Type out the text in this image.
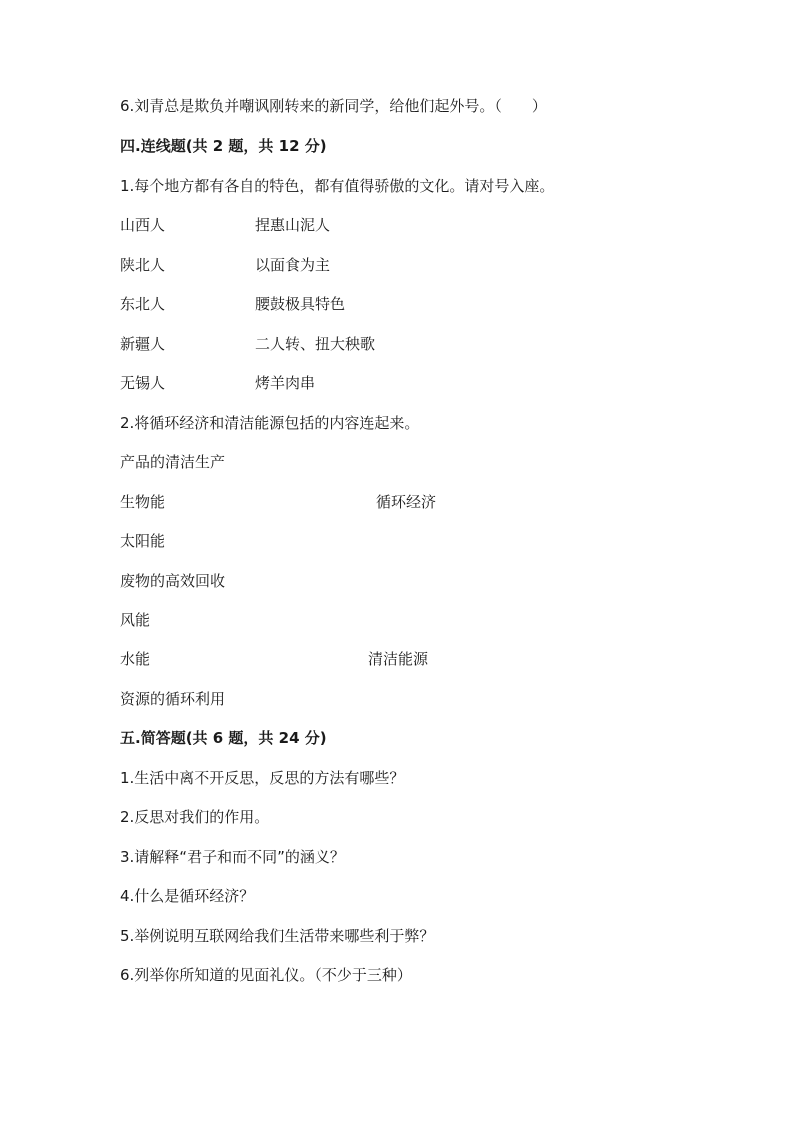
6.刘青总是欺负并嘲讽刚转来的新同学，给他们起外号。（　　）
四.连线题(共 2 题，共 12 分)
1.每个地方都有各自的特色，都有值得骄傲的文化。请对号入座。
山西人	捏惠山泥人
陕北人	以面食为主
东北人	腰鼓极具特色
新疆人	二人转、扭大秧歌
无锡人	烤羊肉串
2.将循环经济和清洁能源包括的内容连起来。
产品的清洁生产
生物能	循环经济
太阳能
废物的高效回收
风能
水能	清洁能源
资源的循环利用
五.简答题(共 6 题，共 24 分)
1.生活中离不开反思，反思的方法有哪些？
2.反思对我们的作用。
3.请解释“君子和而不同”的涵义？
4.什么是循环经济？
5.举例说明互联网给我们生活带来哪些利于弊？
6.列举你所知道的见面礼仪。（不少于三种）
